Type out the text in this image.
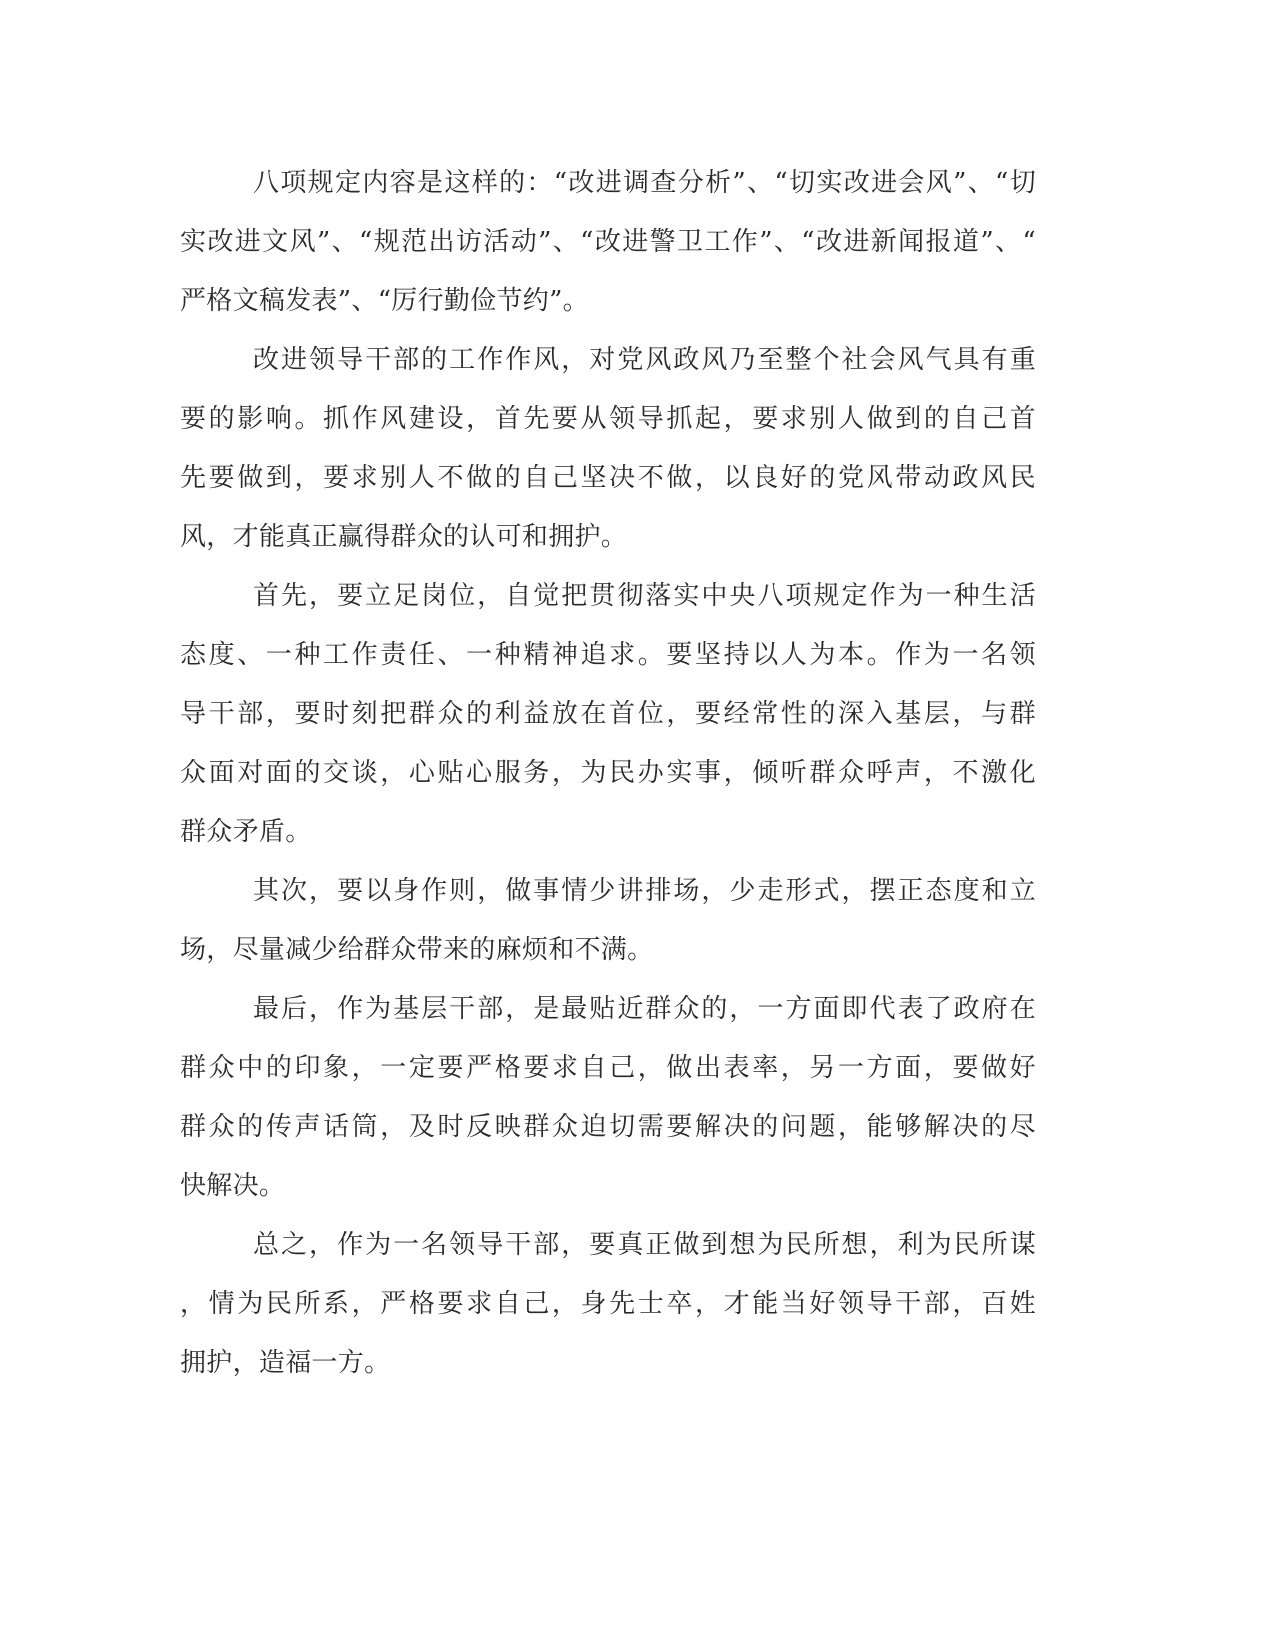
八项规定内容是这样的：“改进调查分析”、“切实改进会风”、“切
实改进文风”、“规范出访活动”、“改进警卫工作”、“改进新闻报道”、“
严格文稿发表”、“厉行勤俭节约”。
改进领导干部的工作作风，对党风政风乃至整个社会风气具有重
要的影响。抓作风建设，首先要从领导抓起，要求别人做到的自己首
先要做到，要求别人不做的自己坚决不做，以良好的党风带动政风民
风，才能真正赢得群众的认可和拥护。
首先，要立足岗位，自觉把贯彻落实中央八项规定作为一种生活
态度、一种工作责任、一种精神追求。要坚持以人为本。作为一名领
导干部，要时刻把群众的利益放在首位，要经常性的深入基层，与群
众面对面的交谈，心贴心服务，为民办实事，倾听群众呼声，不激化
群众矛盾。
其次，要以身作则，做事情少讲排场，少走形式，摆正态度和立
场，尽量减少给群众带来的麻烦和不满。
最后，作为基层干部，是最贴近群众的，一方面即代表了政府在
群众中的印象，一定要严格要求自己，做出表率，另一方面，要做好
群众的传声话筒，及时反映群众迫切需要解决的问题，能够解决的尽
快解决。
总之，作为一名领导干部，要真正做到想为民所想，利为民所谋
，情为民所系，严格要求自己，身先士卒，才能当好领导干部，百姓
拥护，造福一方。
